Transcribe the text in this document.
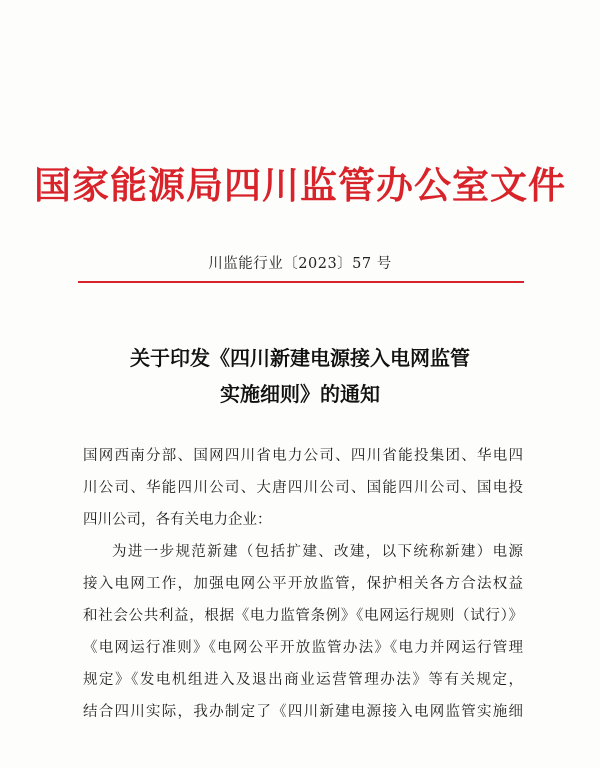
国家能源局四川监管办公室文件
川监能行业〔2023〕57 号
关于印发《四川新建电源接入电网监管
实施细则》的通知
国网西南分部、国网四川省电力公司、四川省能投集团、华电四
川公司、华能四川公司、大唐四川公司、国能四川公司、国电投
四川公司，各有关电力企业：
为进一步规范新建（包括扩建、改建，以下统称新建）电源
接入电网工作，加强电网公平开放监管，保护相关各方合法权益
和社会公共利益，根据《电力监管条例》《电网运行规则（试行）》
《电网运行准则》《电网公平开放监管办法》《电力并网运行管理
规定》《发电机组进入及退出商业运营管理办法》等有关规定，
结合四川实际，我办制定了《四川新建电源接入电网监管实施细
